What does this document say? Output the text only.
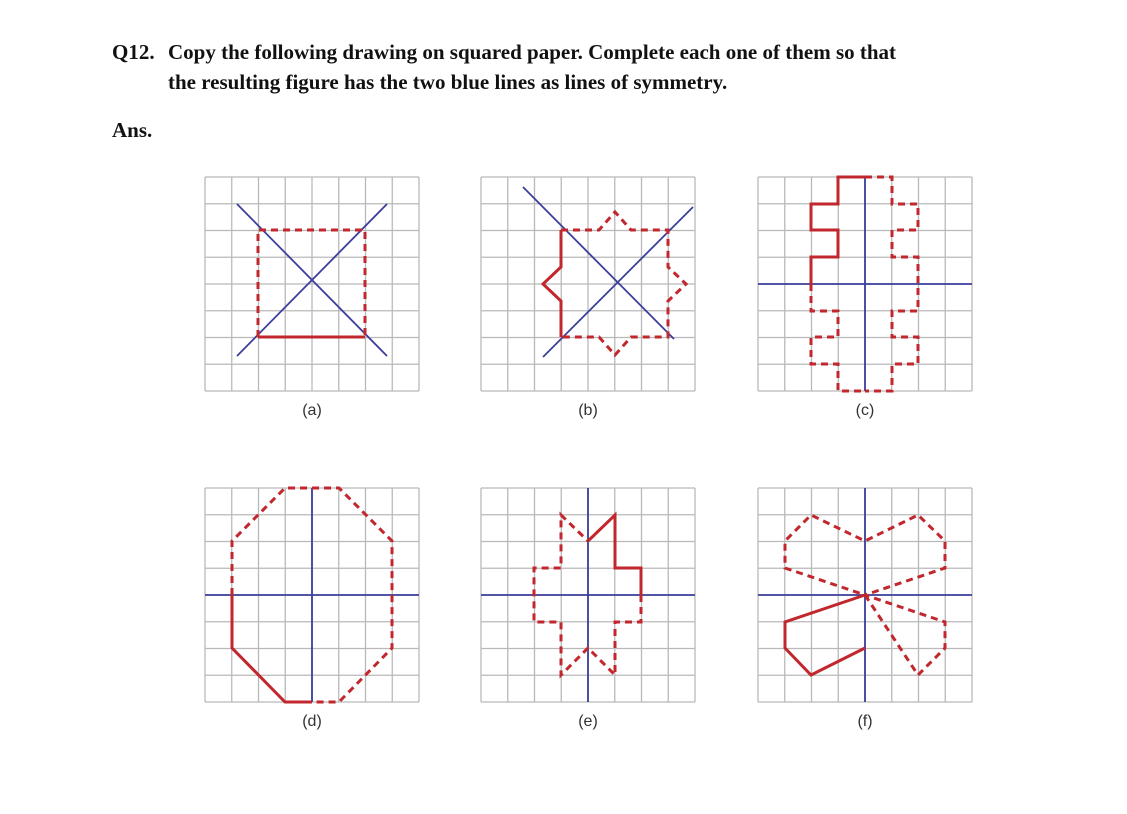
Q12. Copy the following drawing on squared paper. Complete each one of them so that
the resulting figure has the two blue lines as lines of symmetry.
Ans.
(a)	(b)	(c)
(d)	(e)	(f)
